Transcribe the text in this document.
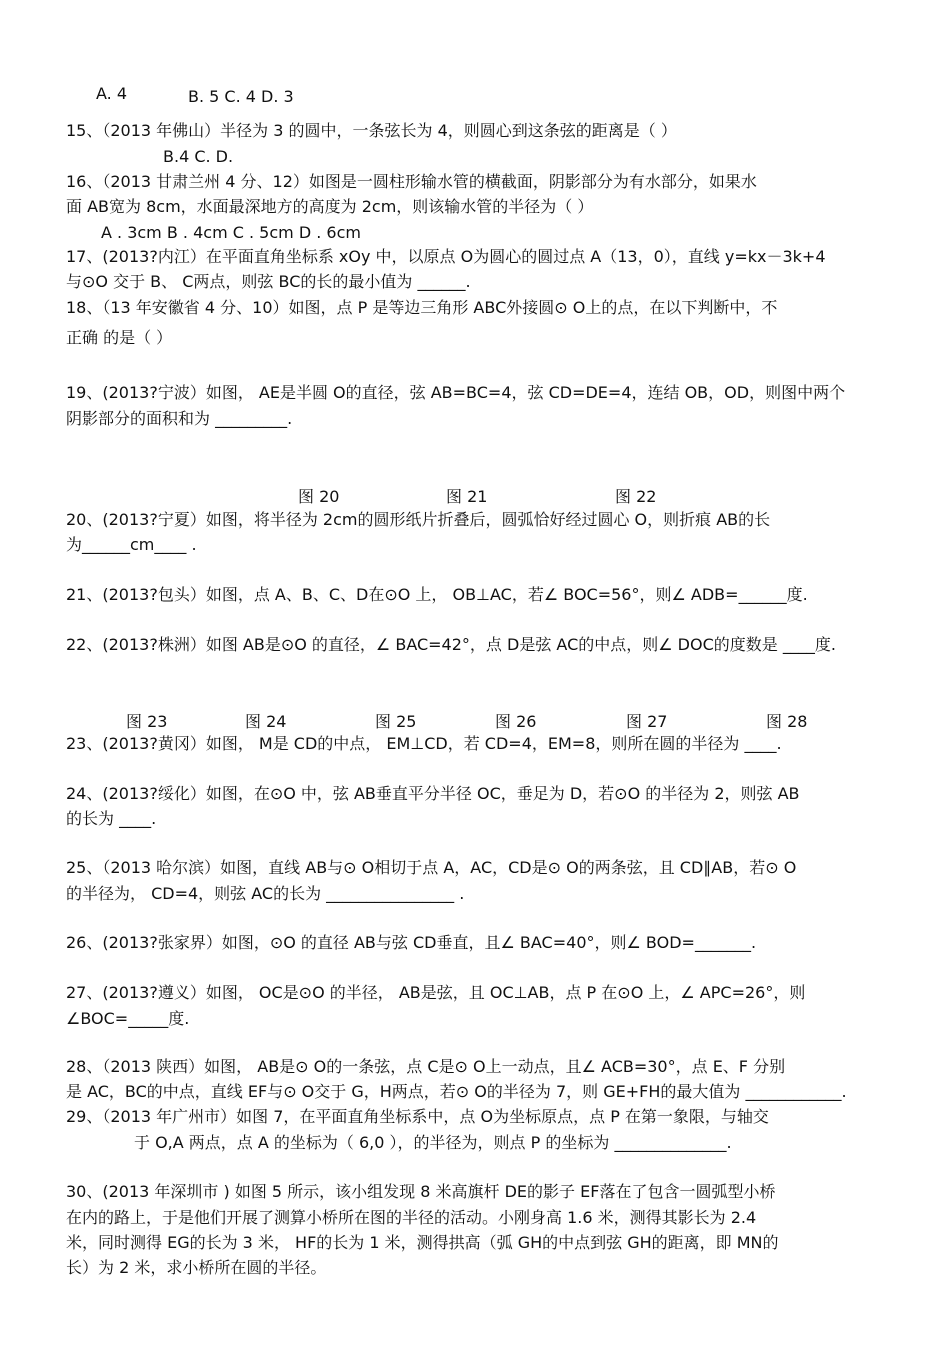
A. 4	B. 5 C. 4 D. 3
15、（2013 年佛山）半径为 3 的圆中，一条弦长为 4，则圆心到这条弦的距离是（ ）
B.4 C. D.
16、（2013 甘肃兰州 4 分、12）如图是一圆柱形输水管的横截面，阴影部分为有水部分，如果水
面 AB宽为 8cm，水面最深地方的高度为 2cm，则该输水管的半径为（ ）
A . 3cm B . 4cm C . 5cm D . 6cm
17、(2013?内江）在平面直角坐标系 xOy 中，以原点 O为圆心的圆过点 A（13，0），直线 y=kx－3k+4
与⊙O 交于 B、 C两点，则弦 BC的长的最小值为 ______.
18、（13 年安徽省 4 分、10）如图，点 P 是等边三角形 ABC外接圆⊙ O上的点，在以下判断中，不
正确 的是（ ）
19、(2013?宁波）如图， AE是半圆 O的直径，弦 AB=BC=4，弦 CD=DE=4，连结 OB，OD，则图中两个
阴影部分的面积和为 _________.
图 20	图 21	图 22
20、(2013?宁夏）如图，将半径为 2cm的圆形纸片折叠后，圆弧恰好经过圆心 O，则折痕 AB的长
为______cm____ .
21、(2013?包头）如图，点 A、B、C、D在⊙O 上， OB⊥AC，若∠ BOC=56°，则∠ ADB=______度.
22、(2013?株洲）如图 AB是⊙O 的直径，∠ BAC=42°，点 D是弦 AC的中点，则∠ DOC的度数是 ____度.
图 23	图 24	图 25	图 26	图 27	图 28
23、(2013?黄冈）如图， M是 CD的中点， EM⊥CD，若 CD=4，EM=8，则所在圆的半径为 ____.
24、(2013?绥化）如图，在⊙O 中，弦 AB垂直平分半径 OC，垂足为 D，若⊙O 的半径为 2，则弦 AB
的长为 ____.
25、（2013 哈尔滨）如图，直线 AB与⊙ O相切于点 A，AC，CD是⊙ O的两条弦，且 CD∥AB，若⊙ O
的半径为， CD=4，则弦 AC的长为 ________________ .
26、(2013?张家界）如图，⊙O 的直径 AB与弦 CD垂直，且∠ BAC=40°，则∠ BOD=_______.
27、(2013?遵义）如图， OC是⊙O 的半径， AB是弦，且 OC⊥AB，点 P 在⊙O 上，∠ APC=26°，则
∠BOC=_____度.
28、（2013 陕西）如图， AB是⊙ O的一条弦，点 C是⊙ O上一动点，且∠ ACB=30°，点 E、F 分别
是 AC，BC的中点，直线 EF与⊙ O交于 G，H两点，若⊙ O的半径为 7，则 GE+FH的最大值为 ____________.
29、（2013 年广州市）如图 7，在平面直角坐标系中，点 O为坐标原点，点 P 在第一象限，与轴交
于 O,A 两点，点 A 的坐标为（ 6,0 ），的半径为，则点 P 的坐标为 ______________.
30、(2013 年深圳市 ) 如图 5 所示，该小组发现 8 米高旗杆 DE的影子 EF落在了包含一圆弧型小桥
在内的路上，于是他们开展了测算小桥所在图的半径的活动。小刚身高 1.6 米，测得其影长为 2.4
米，同时测得 EG的长为 3 米， HF的长为 1 米，测得拱高（弧 GH的中点到弦 GH的距离，即 MN的
长）为 2 米，求小桥所在圆的半径。
